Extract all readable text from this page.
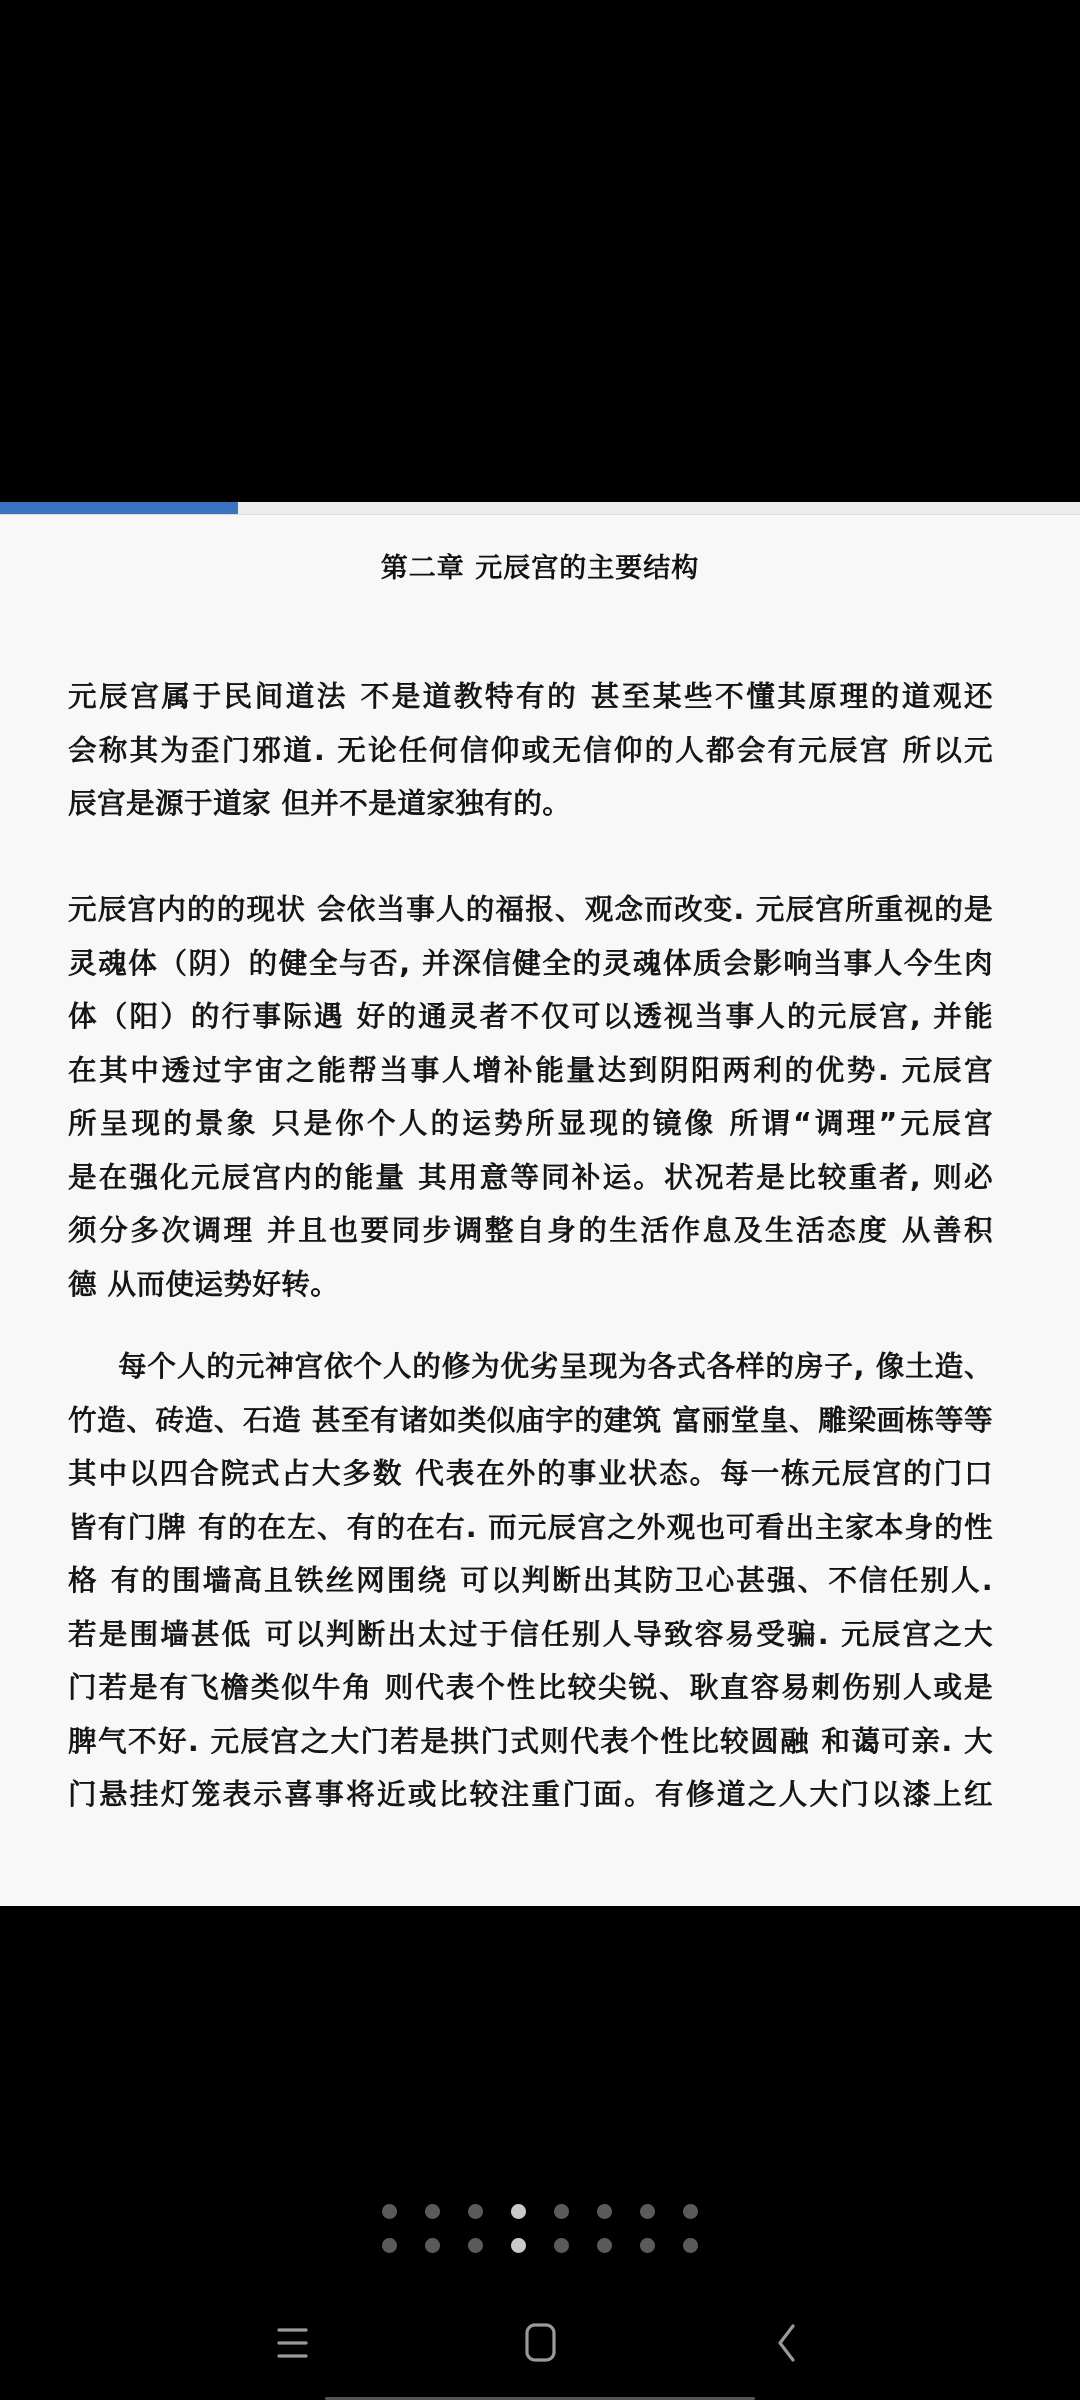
第二章 元辰宫的主要结构
元辰宫属于民间道法 不是道教特有的 甚至某些不懂其原理的道观还
会称其为歪门邪道. 无论任何信仰或无信仰的人都会有元辰宫 所以元
辰宫是源于道家 但并不是道家独有的。
元辰宫内的的现状 会依当事人的福报、观念而改变. 元辰宫所重视的是
灵魂体（阴）的健全与否, 并深信健全的灵魂体质会影响当事人今生肉
体（阳）的行事际遇 好的通灵者不仅可以透视当事人的元辰宫, 并能
在其中透过宇宙之能帮当事人增补能量达到阴阳两利的优势. 元辰宫
所呈现的景象 只是你个人的运势所显现的镜像 所谓“调理”元辰宫
是在强化元辰宫内的能量 其用意等同补运。状况若是比较重者, 则必
须分多次调理 并且也要同步调整自身的生活作息及生活态度 从善积
德 从而使运势好转。
每个人的元神宫依个人的修为优劣呈现为各式各样的房子, 像土造、
竹造、砖造、石造 甚至有诸如类似庙宇的建筑 富丽堂皇、雕梁画栋等等
其中以四合院式占大多数 代表在外的事业状态。每一栋元辰宫的门口
皆有门牌 有的在左、有的在右. 而元辰宫之外观也可看出主家本身的性
格 有的围墙高且铁丝网围绕 可以判断出其防卫心甚强、不信任别人.
若是围墙甚低 可以判断出太过于信任别人导致容易受骗. 元辰宫之大
门若是有飞檐类似牛角 则代表个性比较尖锐、耿直容易刺伤别人或是
脾气不好. 元辰宫之大门若是拱门式则代表个性比较圆融 和蔼可亲. 大
门悬挂灯笼表示喜事将近或比较注重门面。有修道之人大门以漆上红
